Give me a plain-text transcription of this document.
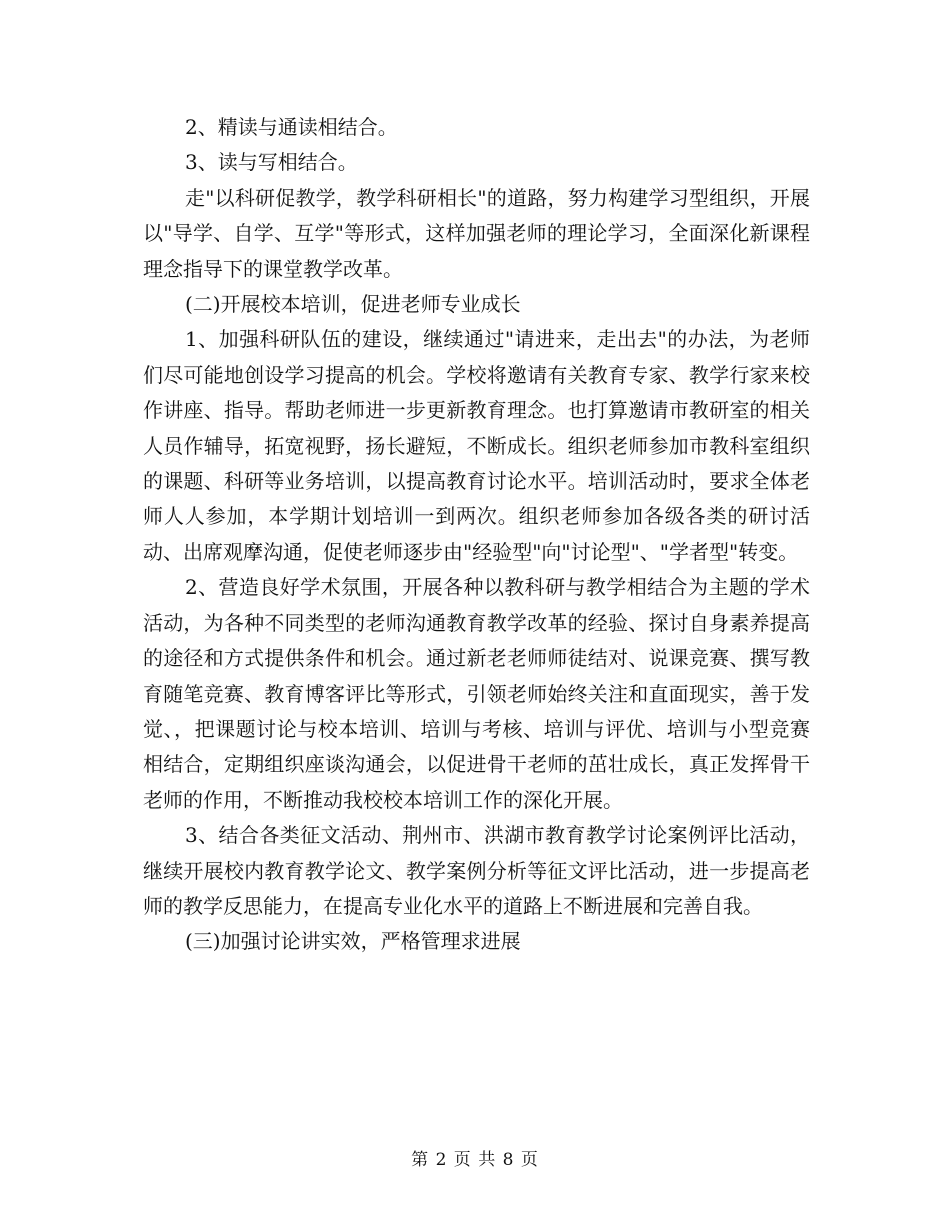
2、精读与通读相结合。

3、读与写相结合。

走"以科研促教学，教学科研相长"的道路，努力构建学习型组织，开展以"导学、自学、互学"等形式，这样加强老师的理论学习，全面深化新课程理念指导下的课堂教学改革。

(二)开展校本培训，促进老师专业成长

1、加强科研队伍的建设，继续通过"请进来，走出去"的办法，为老师们尽可能地创设学习提高的机会。学校将邀请有关教育专家、教学行家来校作讲座、指导。帮助老师进一步更新教育理念。也打算邀请市教研室的相关人员作辅导，拓宽视野，扬长避短，不断成长。组织老师参加市教科室组织的课题、科研等业务培训，以提高教育讨论水平。培训活动时，要求全体老师人人参加，本学期计划培训一到两次。组织老师参加各级各类的研讨活动、出席观摩沟通，促使老师逐步由"经验型"向"讨论型"、"学者型"转变。

2、营造良好学术氛围，开展各种以教科研与教学相结合为主题的学术活动，为各种不同类型的老师沟通教育教学改革的经验、探讨自身素养提高的途径和方式提供条件和机会。通过新老老师师徒结对、说课竞赛、撰写教育随笔竞赛、教育博客评比等形式，引领老师始终关注和直面现实，善于发觉、，把课题讨论与校本培训、培训与考核、培训与评优、培训与小型竞赛相结合，定期组织座谈沟通会，以促进骨干老师的茁壮成长，真正发挥骨干老师的作用，不断推动我校校本培训工作的深化开展。

3、结合各类征文活动、荆州市、洪湖市教育教学讨论案例评比活动，继续开展校内教育教学论文、教学案例分析等征文评比活动，进一步提高老师的教学反思能力，在提高专业化水平的道路上不断进展和完善自我。

(三)加强讨论讲实效，严格管理求进展

第 2 页 共 8 页
